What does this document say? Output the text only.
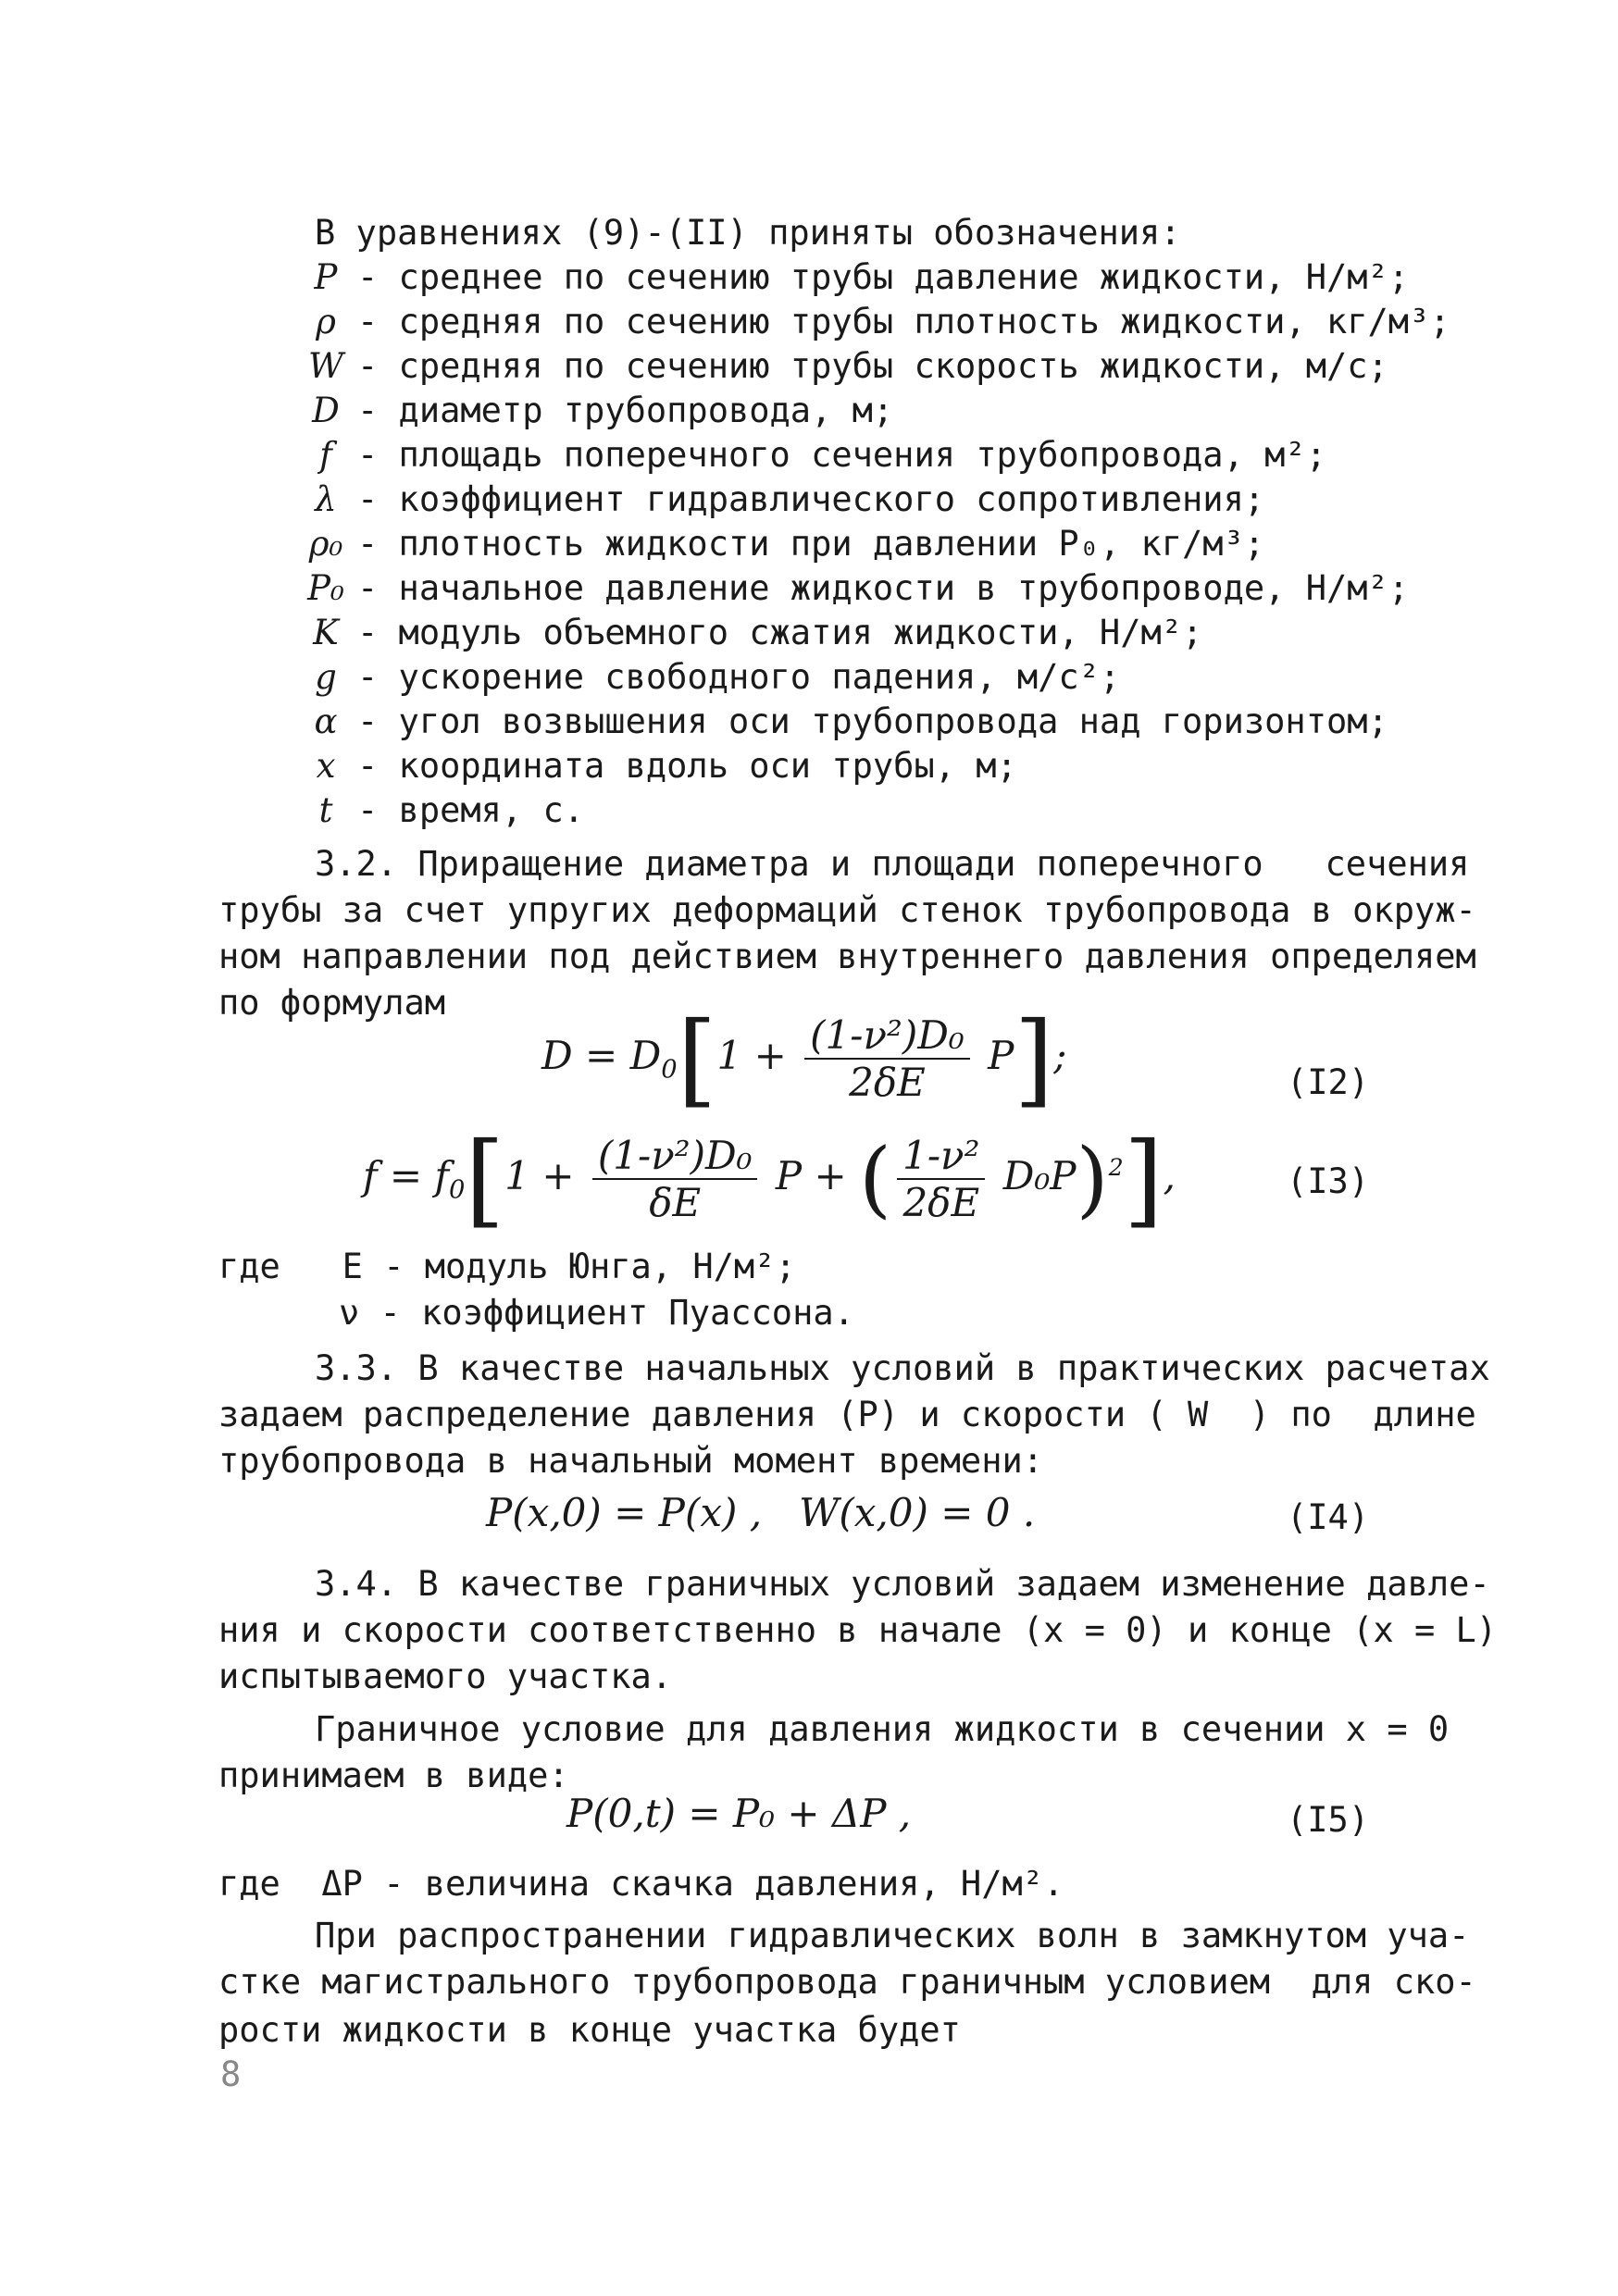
В уравнениях (9)-(II) приняты обозначения:
P - среднее по сечению трубы давление жидкости, Н/м²;
ρ - средняя по сечению трубы плотность жидкости, кг/м³;
W - средняя по сечению трубы скорость жидкости, м/с;
D - диаметр трубопровода, м;
f - площадь поперечного сечения трубопровода, м²;
λ - коэффициент гидравлического сопротивления;
ρ₀ - плотность жидкости при давлении P₀, кг/м³;
P₀ - начальное давление жидкости в трубопроводе, Н/м²;
K - модуль объемного сжатия жидкости, Н/м²;
g - ускорение свободного падения, м/с²;
α - угол возвышения оси трубопровода над горизонтом;
x - координата вдоль оси трубы, м;
t - время, с.
3.2. Приращение диаметра и площади поперечного   сечения
трубы за счет упругих деформаций стенок трубопровода в окруж-
ном направлении под действием внутреннего давления определяем
по формулам
$D = D_0[1 + \frac{\text{(1-ν²)D₀}}{2\delta E} P]$;
(I2)
$f = f_0[1 + \frac{\text{(1-ν²)D₀}}{\delta E}$ P + ( $\frac{\text{1-ν²}}{2\delta E} D_0P)^2$],	(I3)
где   E - модуль Юнга, Н/м²;
ν - коэффициент Пуассона.
3.3. В качестве начальных условий в практических расчетах
задаем распределение давления (P) и скорости ( W  ) по  длине
трубопровода в начальный момент времени:
P(x,0) = P(x) ,   W(x,0) = 0 .	(I4)
3.4. В качестве граничных условий задаем изменение давле-
ния и скорости соответственно в начале (x = 0) и конце (x = L)
испытываемого участка.
Граничное условие для давления жидкости в сечении x = 0
принимаем в виде:
P(0,t) = P₀ + ΔP ,	(I5)
где  ΔP - величина скачка давления, Н/м².
При распространении гидравлических волн в замкнутом уча-
стке магистрального трубопровода граничным условием  для ско-
рости жидкости в конце участка будет
8
